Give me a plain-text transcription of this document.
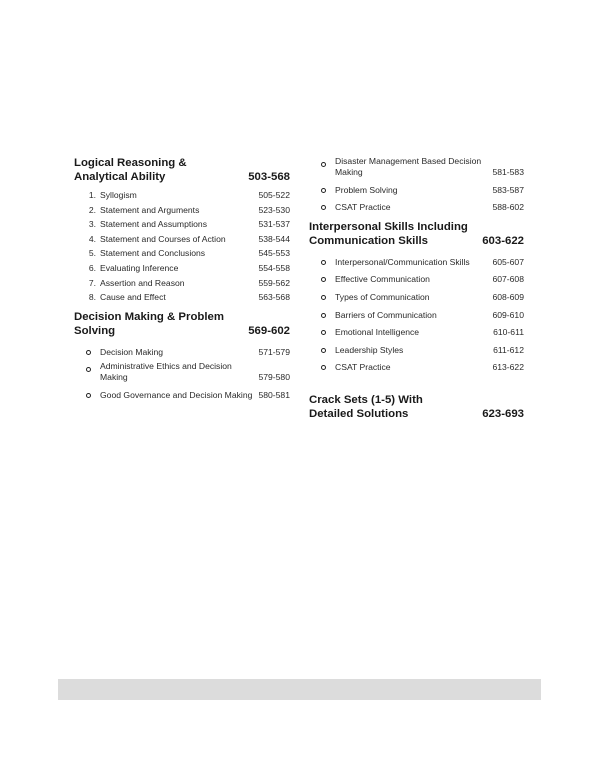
Logical Reasoning & Analytical Ability	503-568
1. Syllogism	505-522
2. Statement and Arguments	523-530
3. Statement and Assumptions	531-537
4. Statement and Courses of Action	538-544
5. Statement and Conclusions	545-553
6. Evaluating Inference	554-558
7. Assertion and Reason	559-562
8. Cause and Effect	563-568
Decision Making & Problem Solving	569-602
Decision Making	571-579
Administrative Ethics and Decision Making	579-580
Good Governance and Decision Making 580-581
Disaster Management Based Decision Making	581-583
Problem Solving	583-587
CSAT Practice	588-602
Interpersonal Skills Including Communication Skills	603-622
Interpersonal/Communication Skills	605-607
Effective Communication	607-608
Types of Communication	608-609
Barriers of Communication	609-610
Emotional Intelligence	610-611
Leadership Styles	611-612
CSAT Practice	613-622
Crack Sets (1-5) With Detailed Solutions	623-693
